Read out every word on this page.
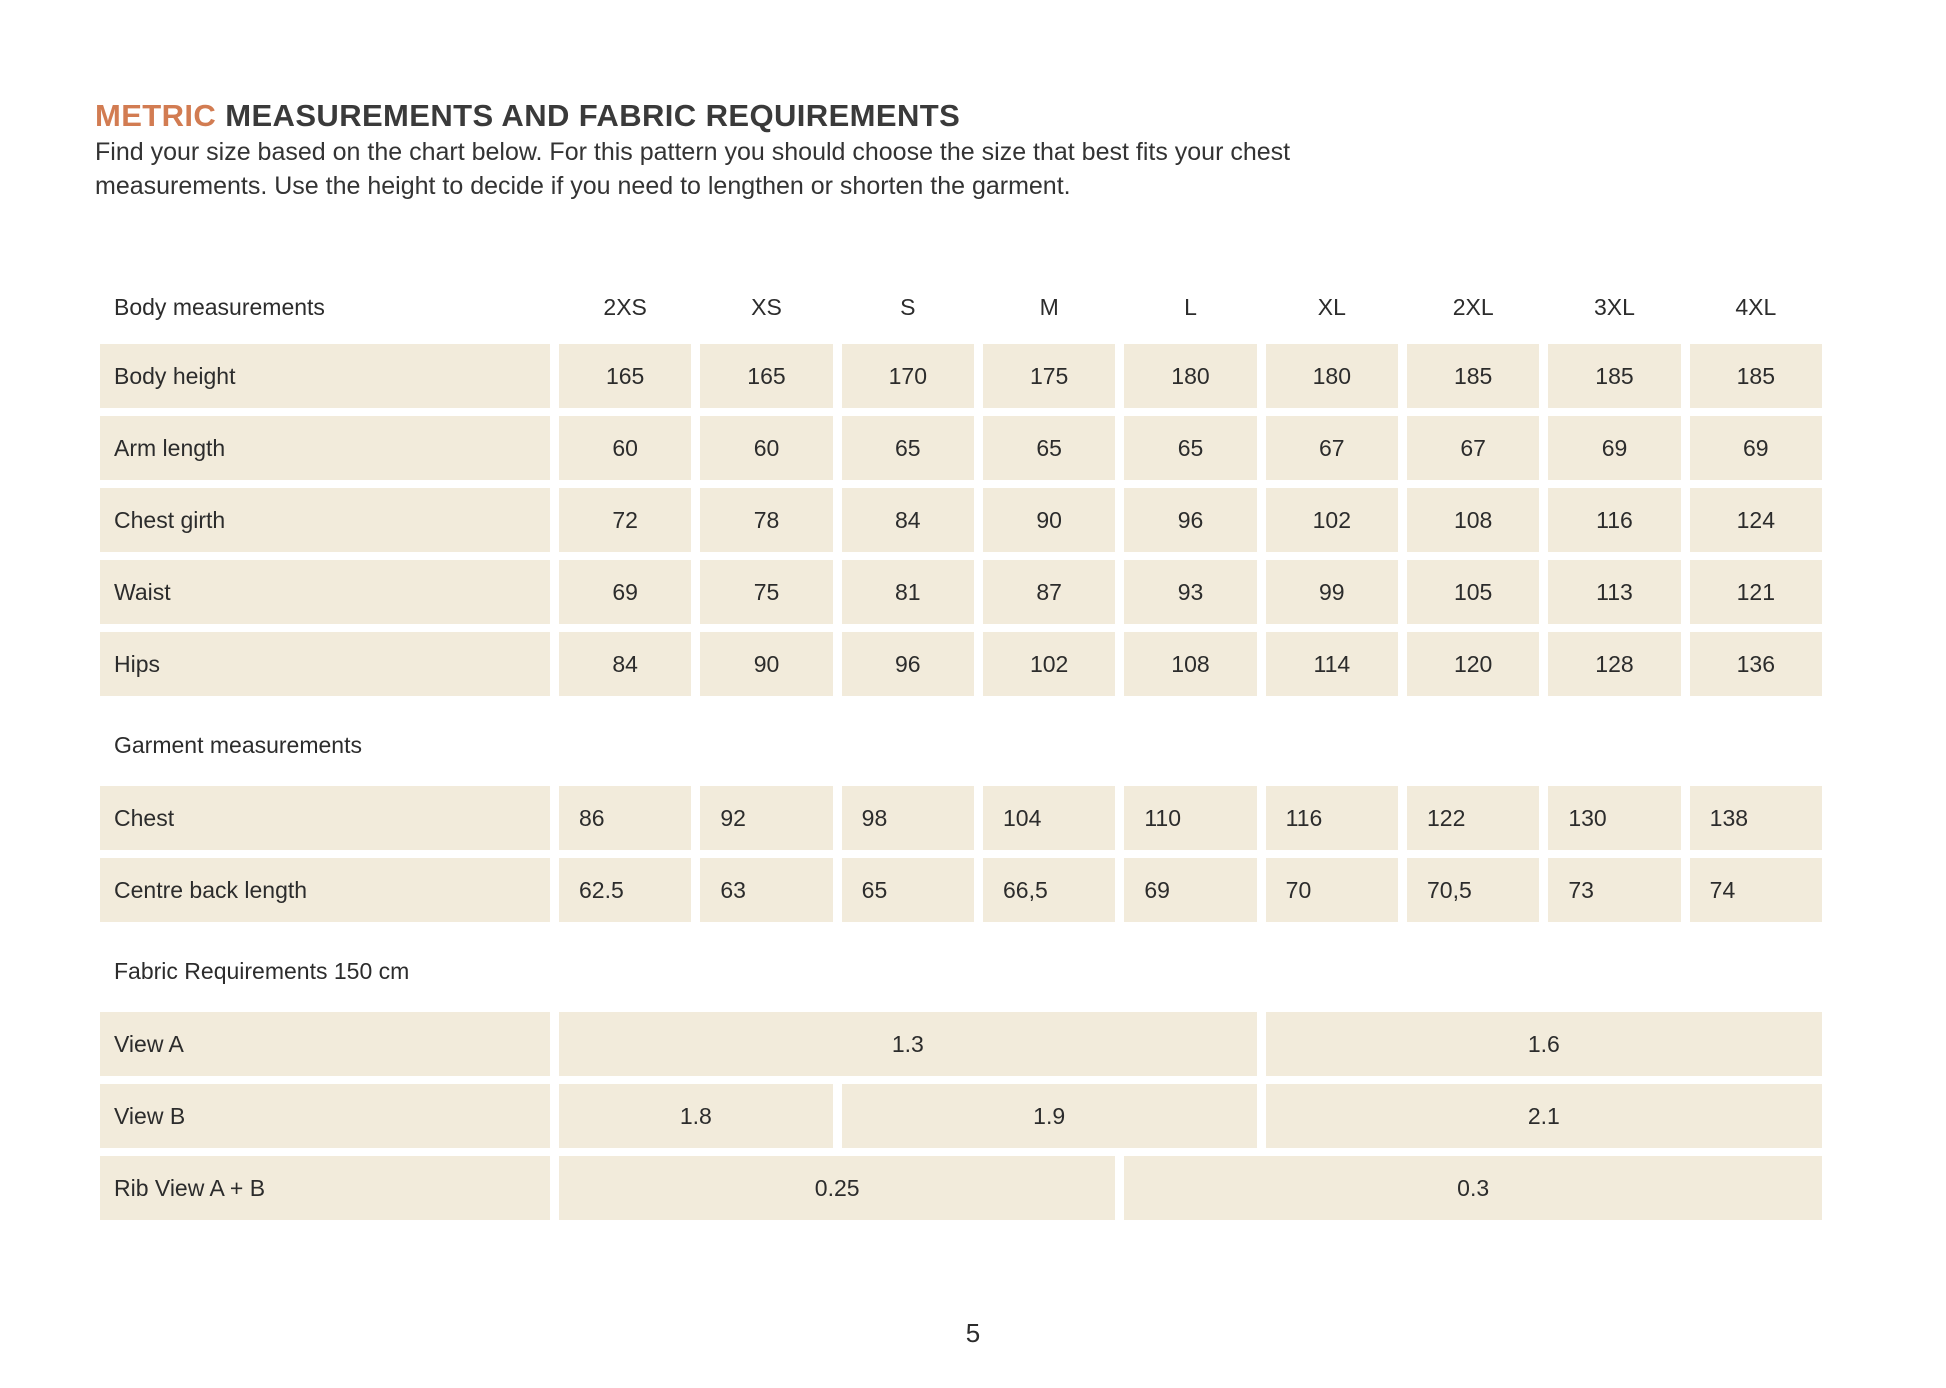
METRIC MEASUREMENTS AND FABRIC REQUIREMENTS

Find your size based on the chart below. For this pattern you should choose the size that best fits your chest measurements. Use the height to decide if you need to lengthen or shorten the garment.

Body measurements	2XS	XS	S	M	L	XL	2XL	3XL	4XL
Body height	165	165	170	175	180	180	185	185	185
Arm length	60	60	65	65	65	67	67	69	69
Chest girth	72	78	84	90	96	102	108	116	124
Waist	69	75	81	87	93	99	105	113	121
Hips	84	90	96	102	108	114	120	128	136
Garment measurements
Chest	86	92	98	104	110	116	122	130	138
Centre back length	62.5	63	65	66,5	69	70	70,5	73	74
Fabric Requirements 150 cm
View A	1.3	1.6
View B	1.8	1.9	2.1
Rib View A + B	0.25	0.3
5
